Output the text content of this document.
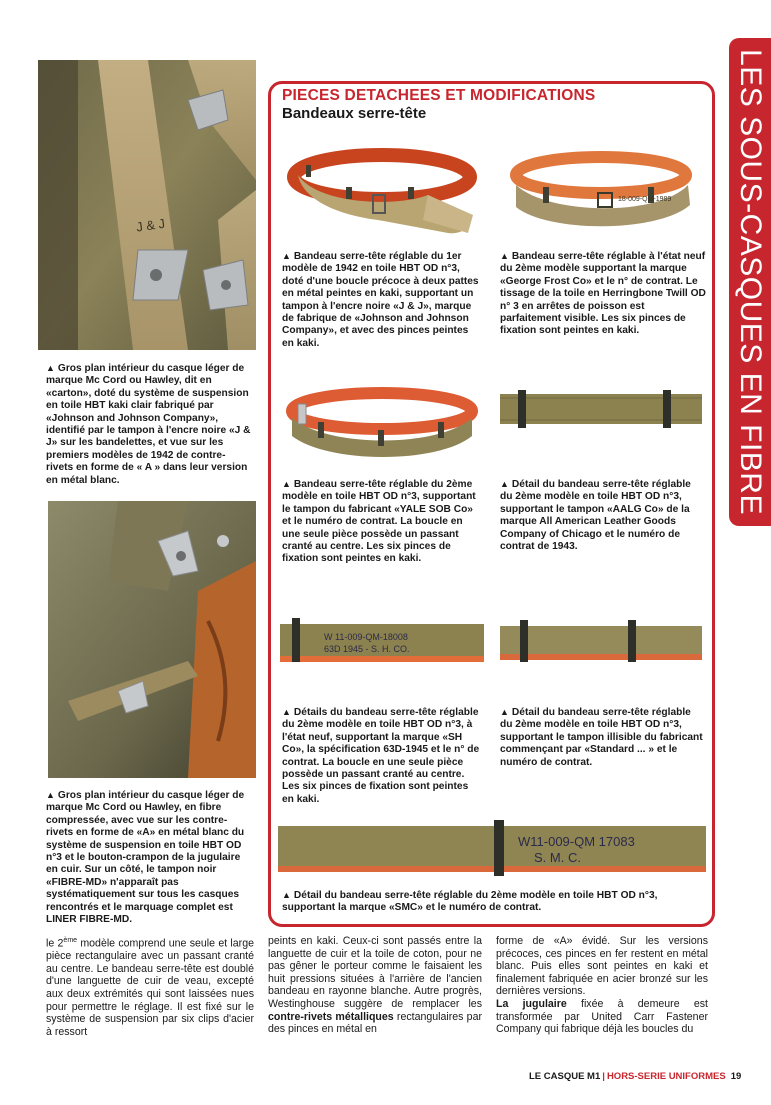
LES SOUS-CASQUES EN FIBRE
J & J
▲ Gros plan intérieur du casque léger de marque Mc Cord ou Hawley, dit en «carton», doté du système de suspension en toile HBT kaki clair fabriqué par «Johnson and Johnson Company», identifié par le tampon à l'encre noire «J & J» sur les bandelettes, et vue sur les premiers modèles de 1942 de contre-rivets en forme de « A » dans leur version en métal blanc.
▲ Gros plan intérieur du casque léger de marque Mc Cord ou Hawley, en fibre compressée, avec vue sur les contre-rivets en forme de «A» en métal blanc du système de suspension en toile HBT OD n°3 et le bouton-crampon de la jugulaire en cuir. Sur un côté, le tampon noir «FIBRE-MD» n'apparaît pas systématiquement sur tous les casques rencontrés et le marquage complet est LINER FIBRE-MD.
PIECES DETACHEES ET MODIFICATIONS
Bandeaux serre-tête
▲ Bandeau serre-tête réglable du 1er modèle de 1942 en toile HBT OD n°3, doté d'une boucle précoce à deux pattes en métal peintes en kaki, supportant un tampon à l'encre noire «J & J», marque de fabrique de «Johnson and Johnson Company», et avec des pinces peintes en kaki.
18-009-QM-1989
▲ Bandeau serre-tête réglable à l'état neuf du 2ème modèle supportant la marque «George Frost Co» et le n° de contrat. Le tissage de la toile en Herringbone Twill OD n° 3 en arrêtes de poisson est parfaitement visible. Les six pinces de fixation sont peintes en kaki.
▲ Bandeau serre-tête réglable du 2ème modèle en toile HBT OD n°3, supportant le tampon du fabricant «YALE SOB Co» et le numéro de contrat. La boucle en une seule pièce possède un passant cranté au centre. Les six pinces de fixation sont peintes en kaki.
▲ Détail du bandeau serre-tête réglable du 2ème modèle en toile HBT OD n°3, supportant le tampon «AALG Co» de la marque All American Leather Goods Company of Chicago et le numéro de contrat de 1943.
W 11-009-QM-18008
63D 1945 - S. H. CO.
▲ Détails du bandeau serre-tête réglable du 2ème modèle en toile HBT OD n°3, à l'état neuf, supportant la marque «SH Co», la spécification 63D-1945 et le n° de contrat. La boucle en une seule pièce possède un passant cranté au centre. Les six pinces de fixation sont peintes en kaki.
▲ Détail du bandeau serre-tête réglable du 2ème modèle en toile HBT OD n°3, supportant le tampon illisible du fabricant commençant par «Standard ... » et le numéro de contrat.
W11-009-QM 17083
S. M. C.
▲ Détail du bandeau serre-tête réglable du 2ème modèle en toile HBT OD n°3, supportant la marque «SMC» et le numéro de contrat.
le 2ème modèle comprend une seule et large pièce rectangulaire avec un passant cranté au centre. Le bandeau serre-tête est doublé d'une languette de cuir de veau, excepté aux deux extrémités qui sont laissées nues pour permettre le réglage. Il est fixé sur le système de suspension par six clips d'acier à ressort
peints en kaki. Ceux-ci sont passés entre la languette de cuir et la toile de coton, pour ne pas gêner le porteur comme le faisaient les huit pressions situées à l'arrière de l'ancien bandeau en rayonne blanche. Autre progrès, Westinghouse suggère de remplacer les contre-rivets métalliques rectangulaires par des pinces en métal en
forme de «A» évidé. Sur les versions précoces, ces pinces en fer restent en métal blanc. Puis elles sont peintes en kaki et finalement fabriquée en acier bronzé sur les dernières versions.
La jugulaire fixée à demeure est transformée par United Carr Fastener Company qui fabrique déjà les boucles du
LE CASQUE M1 | HORS-SERIE UNIFORMES 19
